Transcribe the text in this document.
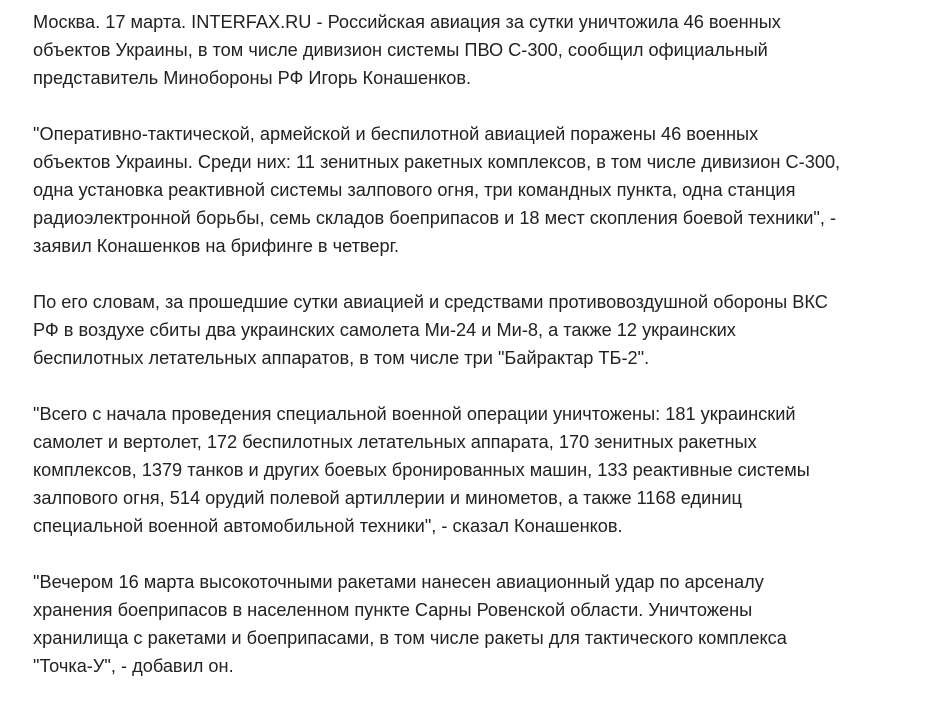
Москва. 17 марта. INTERFAX.RU - Российская авиация за сутки уничтожила 46 военных
объектов Украины, в том числе дивизион системы ПВО С-300, сообщил официальный
представитель Минобороны РФ Игорь Конашенков.

"Оперативно-тактической, армейской и беспилотной авиацией поражены 46 военных
объектов Украины. Среди них: 11 зенитных ракетных комплексов, в том числе дивизион С-300,
одна установка реактивной системы залпового огня, три командных пункта, одна станция
радиоэлектронной борьбы, семь складов боеприпасов и 18 мест скопления боевой техники", -
заявил Конашенков на брифинге в четверг.

По его словам, за прошедшие сутки авиацией и средствами противовоздушной обороны ВКС
РФ в воздухе сбиты два украинских самолета Ми-24 и Ми-8, а также 12 украинских
беспилотных летательных аппаратов, в том числе три "Байрактар ТБ-2".

"Всего с начала проведения специальной военной операции уничтожены: 181 украинский
самолет и вертолет, 172 беспилотных летательных аппарата, 170 зенитных ракетных
комплексов, 1379 танков и других боевых бронированных машин, 133 реактивные системы
залпового огня, 514 орудий полевой артиллерии и минометов, а также 1168 единиц
специальной военной автомобильной техники", - сказал Конашенков.

"Вечером 16 марта высокоточными ракетами нанесен авиационный удар по арсеналу
хранения боеприпасов в населенном пункте Сарны Ровенской области. Уничтожены
хранилища с ракетами и боеприпасами, в том числе ракеты для тактического комплекса
"Точка-У", - добавил он.
